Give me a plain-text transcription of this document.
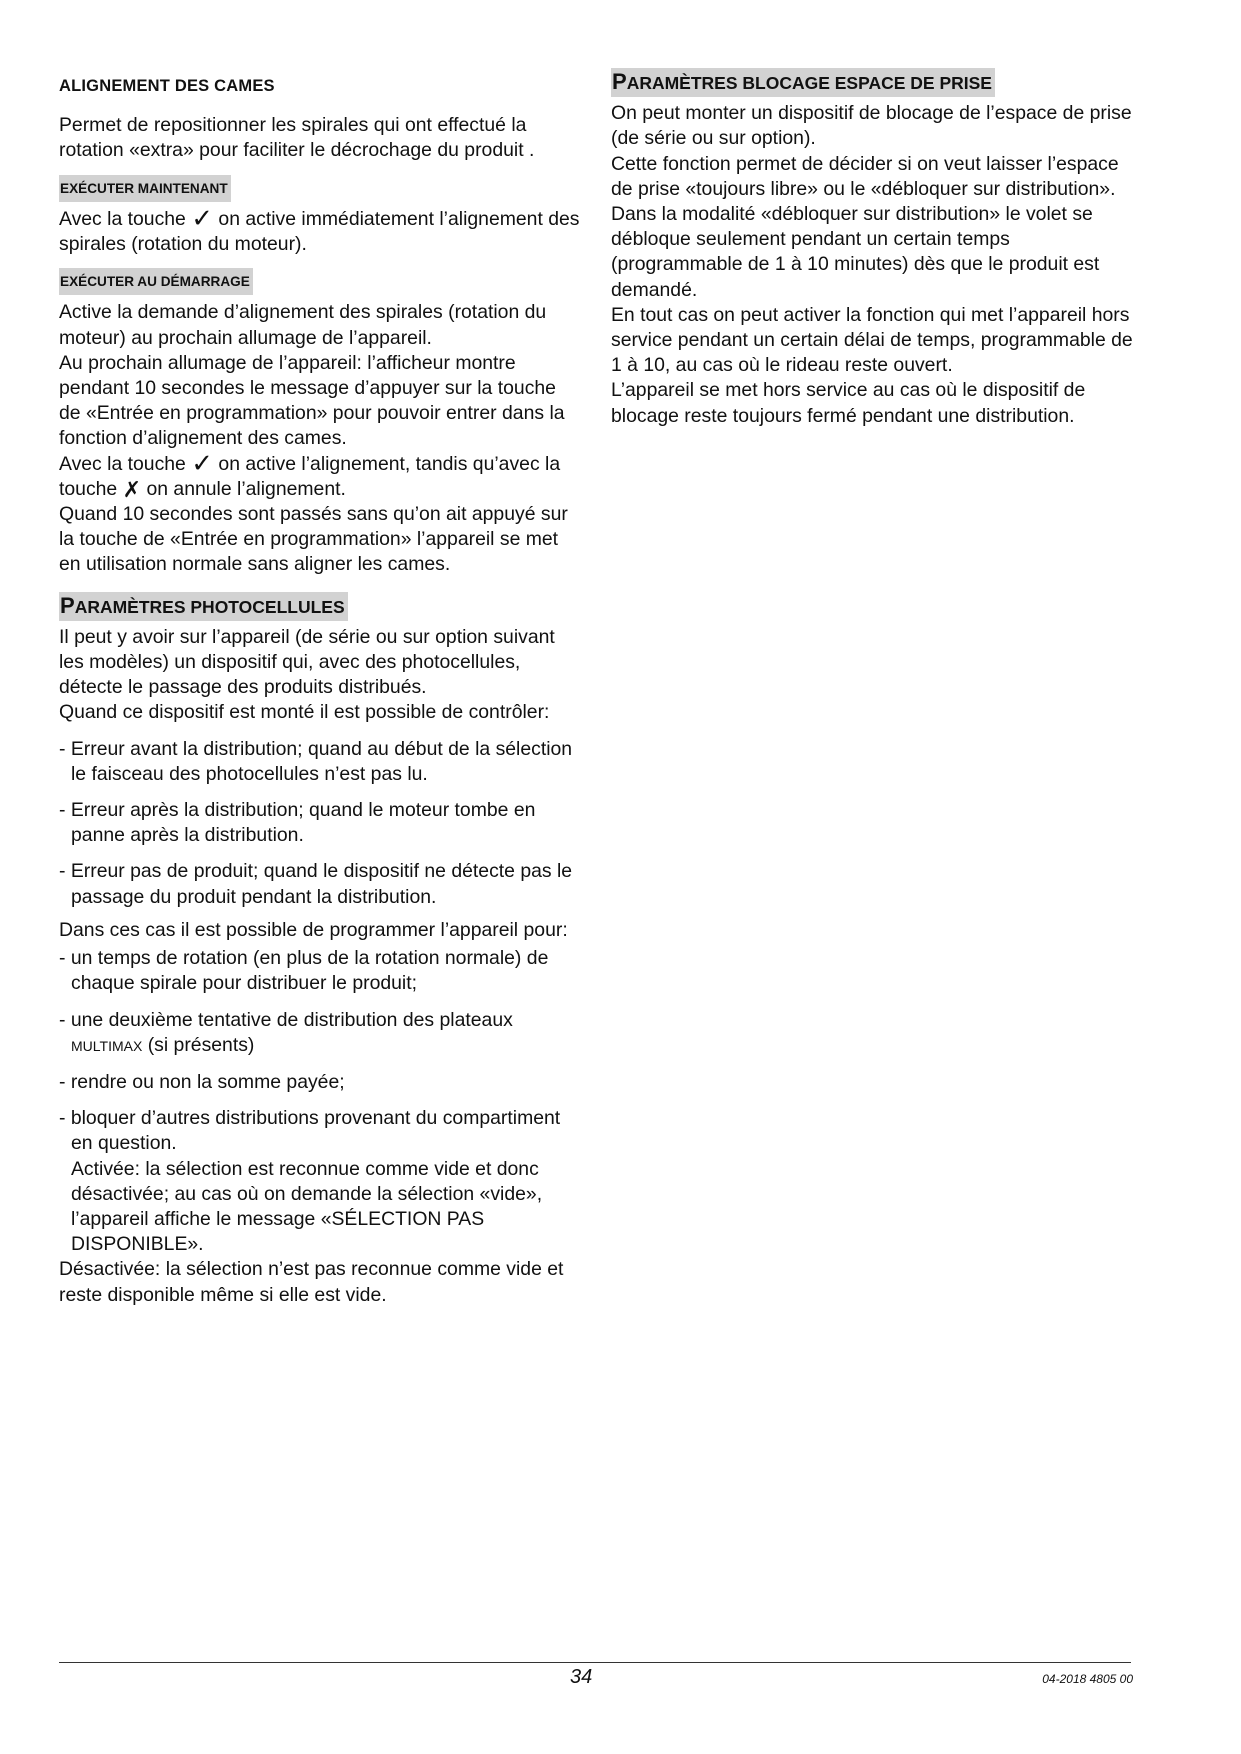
ALIGNEMENT DES CAMES

Permet de repositionner les spirales qui ont effectué la rotation «extra» pour faciliter le décrochage du produit .

EXÉCUTER MAINTENANT

Avec la touche ✓ on active immédiatement l’alignement des spirales (rotation du moteur).

EXÉCUTER AU DÉMARRAGE

Active la demande d’alignement des spirales (rotation du moteur) au prochain allumage de l’appareil.

Au prochain allumage de l’appareil: l’afficheur montre pendant 10 secondes le message d’appuyer sur la touche de «Entrée en programmation» pour pouvoir entrer dans la fonction d’alignement des cames.

Avec la touche ✓ on active l’alignement, tandis qu’avec la touche ✗ on annule l’alignement.

Quand 10 secondes sont passés sans qu’on ait appuyé sur la touche de «Entrée en programmation» l’appareil se met en utilisation normale sans aligner les cames.

PARAMÈTRES PHOTOCELLULES

Il peut y avoir sur l’appareil (de série ou sur option suivant les modèles) un dispositif qui, avec des photocellules, détecte le passage des produits distribués.

Quand ce dispositif est monté il est possible de contrôler:

- Erreur avant la distribution; quand au début de la sélection le faisceau des photocellules n’est pas lu.

- Erreur après la distribution; quand le moteur tombe en panne après la distribution.

- Erreur pas de produit; quand le dispositif ne détecte pas le passage du produit pendant la distribution.

Dans ces cas il est possible de programmer l’appareil pour:

- un temps de rotation (en plus de la rotation normale) de chaque spirale pour distribuer le produit;

- une deuxième tentative de distribution des plateaux
MULTIMAX (si présents)

- rendre ou non la somme payée;

- bloquer d’autres distributions provenant du compartiment en question.

Activée: la sélection est reconnue comme vide et donc désactivée; au cas où on demande la sélection «vide», l’appareil affiche le message «SÉLECTION PAS DISPONIBLE».

Désactivée: la sélection n’est pas reconnue comme vide et reste disponible même si elle est vide.

PARAMÈTRES BLOCAGE ESPACE DE PRISE

On peut monter un dispositif de blocage de l’espace de prise (de série ou sur option).

Cette fonction permet de décider si on veut laisser l’espace de prise «toujours libre» ou le «débloquer sur distribution».

Dans la modalité «débloquer sur distribution» le volet se débloque seulement pendant un certain temps (programmable de 1 à 10 minutes) dès que le produit est demandé.

En tout cas on peut activer la fonction qui met l’appareil hors service pendant un certain délai de temps, programmable de 1 à 10, au cas où le rideau reste ouvert.

L’appareil se met hors service au cas où le dispositif de blocage reste toujours fermé pendant une distribution.

34	04-2018 4805 00
